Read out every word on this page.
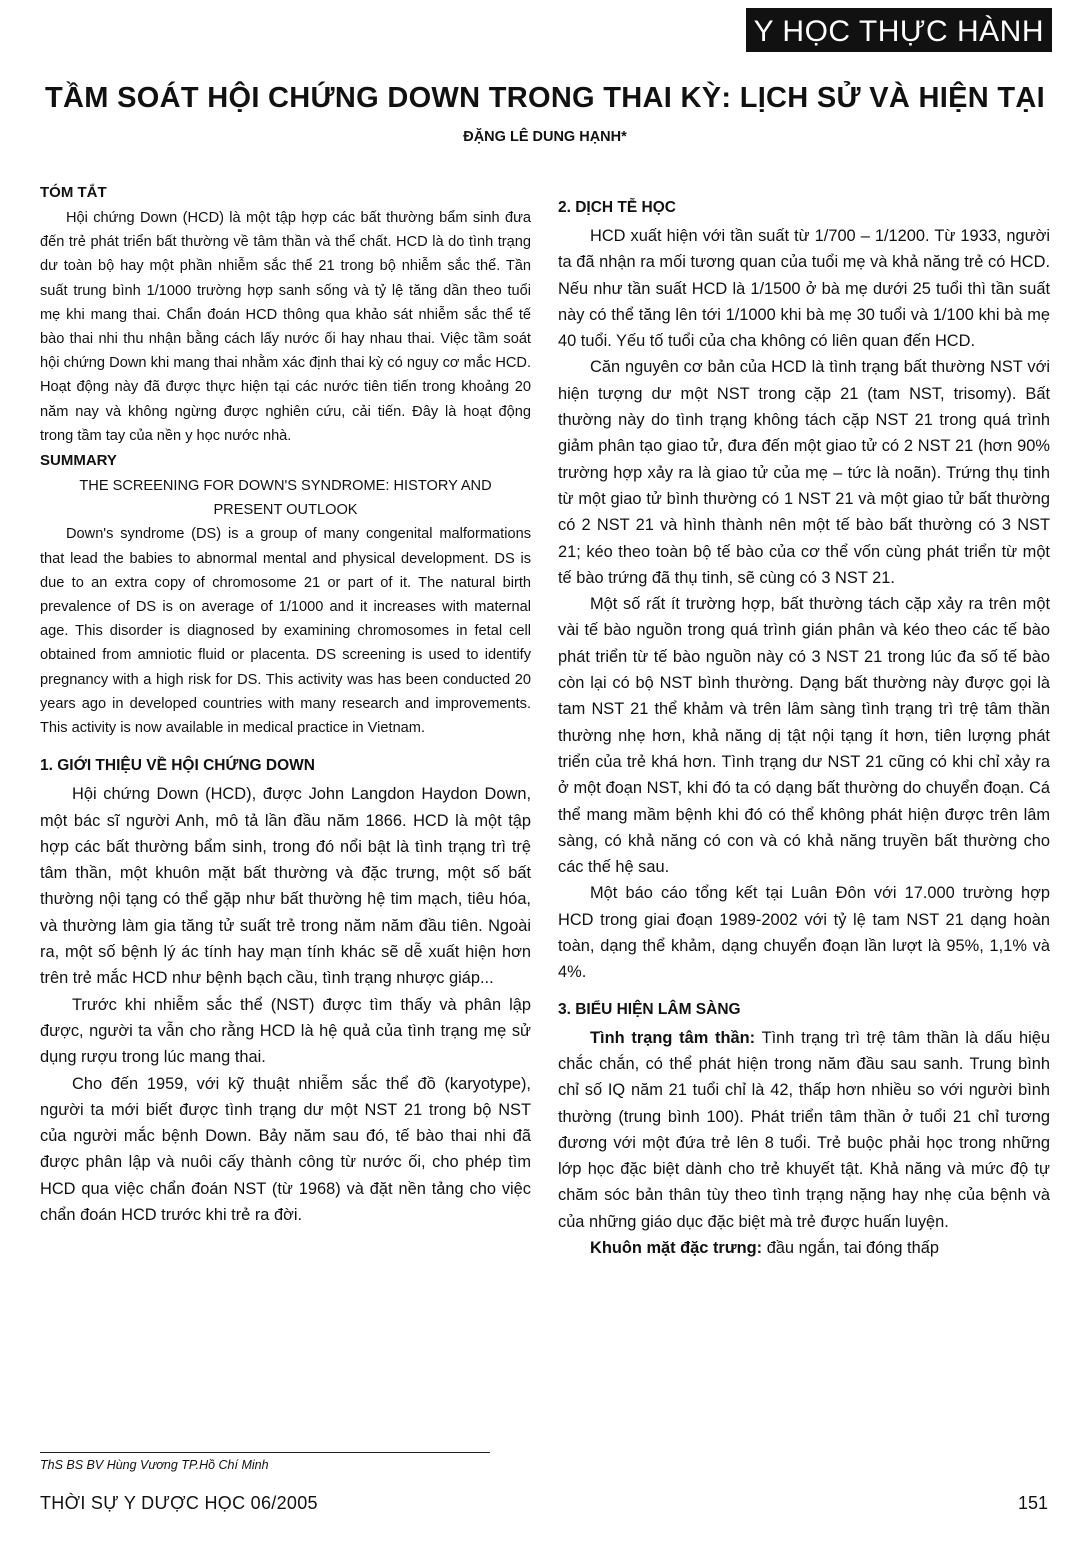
Y HỌC THỰC HÀNH
TẦM SOÁT HỘI CHỨNG DOWN TRONG THAI KỲ: LỊCH SỬ VÀ HIỆN TẠI
ĐẶNG LÊ DUNG HẠNH*
TÓM TẮT

Hội chứng Down (HCD) là một tập hợp các bất thường bẩm sinh đưa đến trẻ phát triển bất thường về tâm thần và thể chất. HCD là do tình trạng dư toàn bộ hay một phần nhiễm sắc thể 21 trong bộ nhiễm sắc thể. Tần suất trung bình 1/1000 trường hợp sanh sống và tỷ lệ tăng dần theo tuổi mẹ khi mang thai. Chẩn đoán HCD thông qua khảo sát nhiễm sắc thể tế bào thai nhi thu nhận bằng cách lấy nước ối hay nhau thai. Việc tầm soát hội chứng Down khi mang thai nhằm xác định thai kỳ có nguy cơ mắc HCD. Hoạt động này đã được thực hiện tại các nước tiên tiến trong khoảng 20 năm nay và không ngừng được nghiên cứu, cải tiến. Đây là hoạt động trong tầm tay của nền y học nước nhà.

SUMMARY

THE SCREENING FOR DOWN'S SYNDROME: HISTORY AND

PRESENT OUTLOOK

Down's syndrome (DS) is a group of many congenital malformations that lead the babies to abnormal mental and physical development. DS is due to an extra copy of chromosome 21 or part of it. The natural birth prevalence of DS is on average of 1/1000 and it increases with maternal age. This disorder is diagnosed by examining chromosomes in fetal cell obtained from amniotic fluid or placenta. DS screening is used to identify pregnancy with a high risk for DS. This activity was has been conducted 20 years ago in developed countries with many research and improvements. This activity is now available in medical practice in Vietnam.

1. GIỚI THIỆU VỀ HỘI CHỨNG DOWN

Hội chứng Down (HCD), được John Langdon Haydon Down, một bác sĩ người Anh, mô tả lần đầu năm 1866. HCD là một tập hợp các bất thường bẩm sinh, trong đó nổi bật là tình trạng trì trệ tâm thần, một khuôn mặt bất thường và đặc trưng, một số bất thường nội tạng có thể gặp như bất thường hệ tim mạch, tiêu hóa, và thường làm gia tăng tử suất trẻ trong năm năm đầu tiên. Ngoài ra, một số bệnh lý ác tính hay mạn tính khác sẽ dễ xuất hiện hơn trên trẻ mắc HCD như bệnh bạch cầu, tình trạng nhược giáp...

Trước khi nhiễm sắc thể (NST) được tìm thấy và phân lập được, người ta vẫn cho rằng HCD là hệ quả của tình trạng mẹ sử dụng rượu trong lúc mang thai.

Cho đến 1959, với kỹ thuật nhiễm sắc thể đồ (karyotype), người ta mới biết được tình trạng dư một NST 21 trong bộ NST của người mắc bệnh Down. Bảy năm sau đó, tế bào thai nhi đã được phân lập và nuôi cấy thành công từ nước ối, cho phép tìm HCD qua việc chẩn đoán NST (từ 1968) và đặt nền tảng cho việc chẩn đoán HCD trước khi trẻ ra đời.

2. DỊCH TỄ HỌC

HCD xuất hiện với tần suất từ 1/700 – 1/1200. Từ 1933, người ta đã nhận ra mối tương quan của tuổi mẹ và khả năng trẻ có HCD. Nếu như tần suất HCD là 1/1500 ở bà mẹ dưới 25 tuổi thì tần suất này có thể tăng lên tới 1/1000 khi bà mẹ 30 tuổi và 1/100 khi bà mẹ 40 tuổi. Yếu tố tuổi của cha không có liên quan đến HCD.

Căn nguyên cơ bản của HCD là tình trạng bất thường NST với hiện tượng dư một NST trong cặp 21 (tam NST, trisomy). Bất thường này do tình trạng không tách cặp NST 21 trong quá trình giảm phân tạo giao tử, đưa đến một giao tử có 2 NST 21 (hơn 90% trường hợp xảy ra là giao tử của mẹ – tức là noãn). Trứng thụ tinh từ một giao tử bình thường có 1 NST 21 và một giao tử bất thường có 2 NST 21 và hình thành nên một tế bào bất thường có 3 NST 21; kéo theo toàn bộ tế bào của cơ thể vốn cùng phát triển từ một tế bào trứng đã thụ tinh, sẽ cùng có 3 NST 21.

Một số rất ít trường hợp, bất thường tách cặp xảy ra trên một vài tế bào nguồn trong quá trình gián phân và kéo theo các tế bào phát triển từ tế bào nguồn này có 3 NST 21 trong lúc đa số tế bào còn lại có bộ NST bình thường. Dạng bất thường này được gọi là tam NST 21 thể khảm và trên lâm sàng tình trạng trì trệ tâm thần thường nhẹ hơn, khả năng dị tật nội tạng ít hơn, tiên lượng phát triển của trẻ khá hơn. Tình trạng dư NST 21 cũng có khi chỉ xảy ra ở một đoạn NST, khi đó ta có dạng bất thường do chuyển đoạn. Cá thể mang mầm bệnh khi đó có thể không phát hiện được trên lâm sàng, có khả năng có con và có khả năng truyền bất thường cho các thế hệ sau.

Một báo cáo tổng kết tại Luân Đôn với 17.000 trường hợp HCD trong giai đoạn 1989-2002 với tỷ lệ tam NST 21 dạng hoàn toàn, dạng thể khảm, dạng chuyển đoạn lần lượt là 95%, 1,1% và 4%.

3. BIỂU HIỆN LÂM SÀNG

Tình trạng tâm thần: Tình trạng trì trệ tâm thần là dấu hiệu chắc chắn, có thể phát hiện trong năm đầu sau sanh. Trung bình chỉ số IQ năm 21 tuổi chỉ là 42, thấp hơn nhiều so với người bình thường (trung bình 100). Phát triển tâm thần ở tuổi 21 chỉ tương đương với một đứa trẻ lên 8 tuổi. Trẻ buộc phải học trong những lớp học đặc biệt dành cho trẻ khuyết tật. Khả năng và mức độ tự chăm sóc bản thân tùy theo tình trạng nặng hay nhẹ của bệnh và của những giáo dục đặc biệt mà trẻ được huấn luyện.

Khuôn mặt đặc trưng: đầu ngắn, tai đóng thấp

ThS BS BV Hùng Vương TP.Hồ Chí Minh
THỜI SỰ Y DƯỢC HỌC 06/2005	151
